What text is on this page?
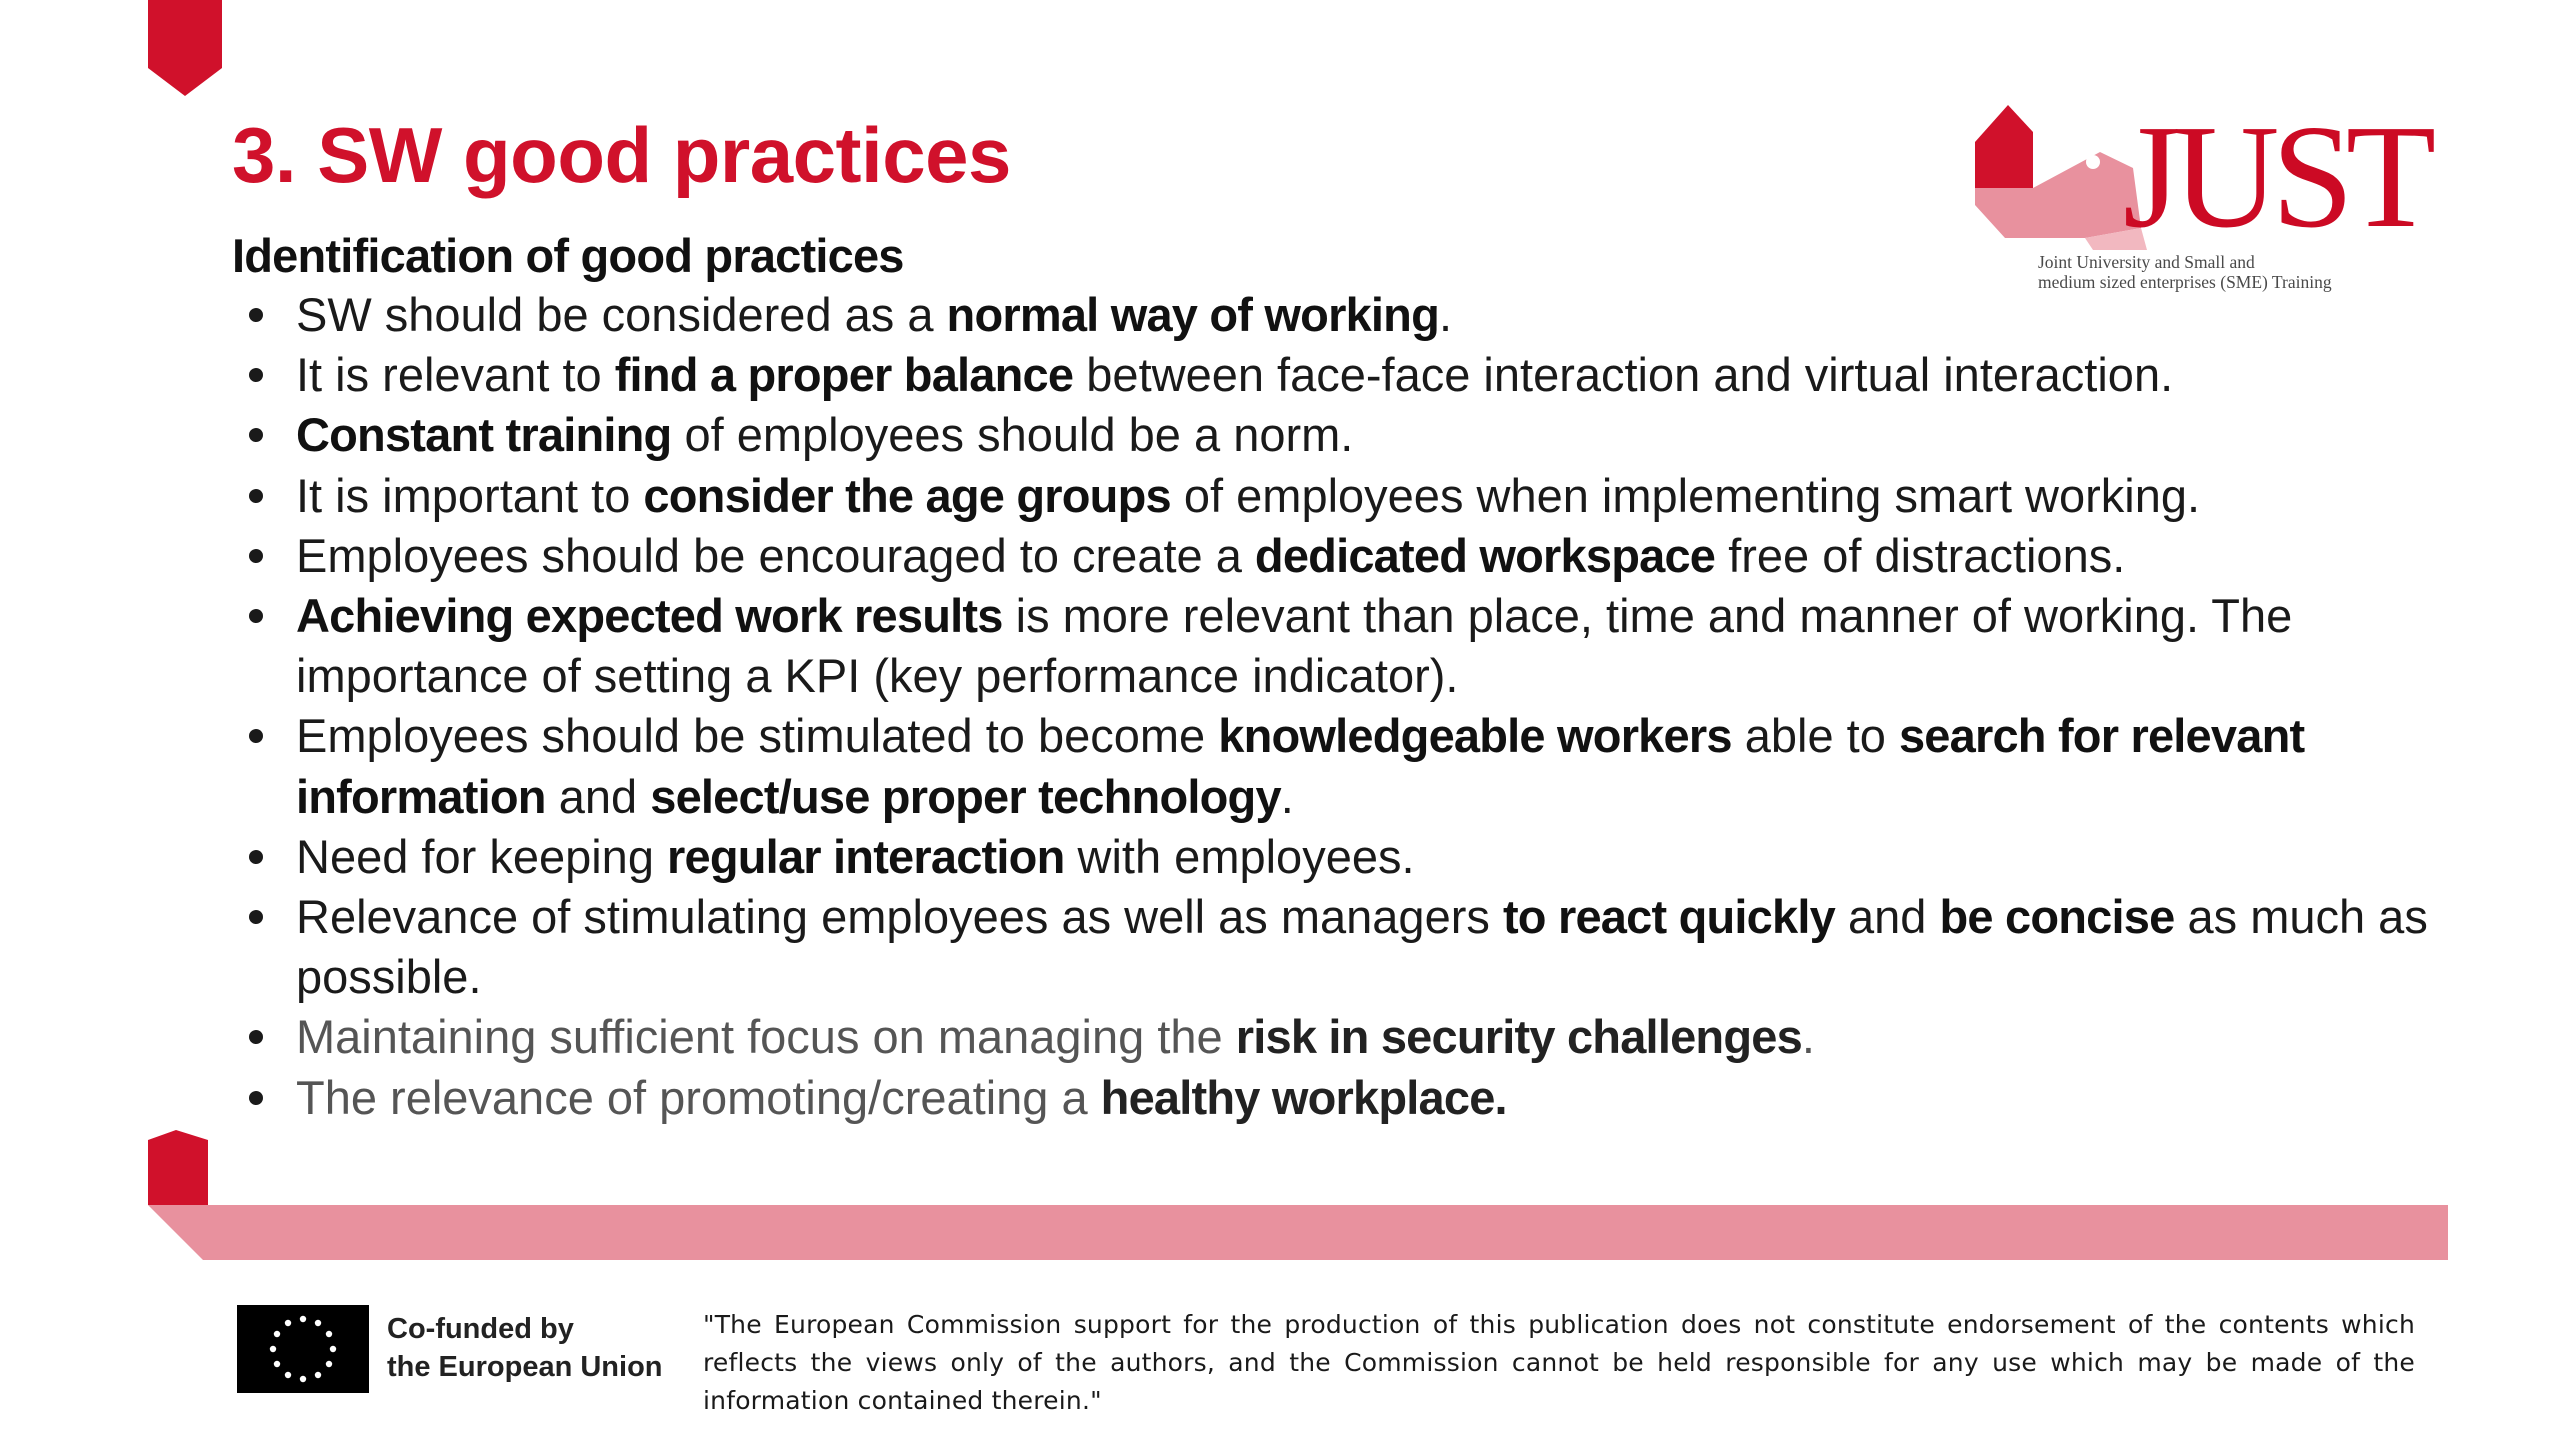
3. SW good practices	JUST
Joint University and Small and
medium sized enterprises (SME) Training
Identification of good practices
SW should be considered as a normal way of working.
It is relevant to find a proper balance between face-face interaction and virtual interaction.
Constant training of employees should be a norm.
It is important to consider the age groups of employees when implementing smart working.
Employees should be encouraged to create a dedicated workspace free of distractions.
Achieving expected work results is more relevant than place, time and manner of working. The importance of setting a KPI (key performance indicator).
Employees should be stimulated to become knowledgeable workers able to search for relevant information and select/use proper technology.
Need for keeping regular interaction with employees.
Relevance of stimulating employees as well as managers to react quickly and be concise as much as possible.
Maintaining sufficient focus on managing the risk in security challenges.
The relevance of promoting/creating a healthy workplace.
Co-funded by
the European Union
"The European Commission support for the production of this publication does not constitute endorsement of the contents which reflects the views only of the authors, and the Commission cannot be held responsible for any use which may be made of the information contained therein."
